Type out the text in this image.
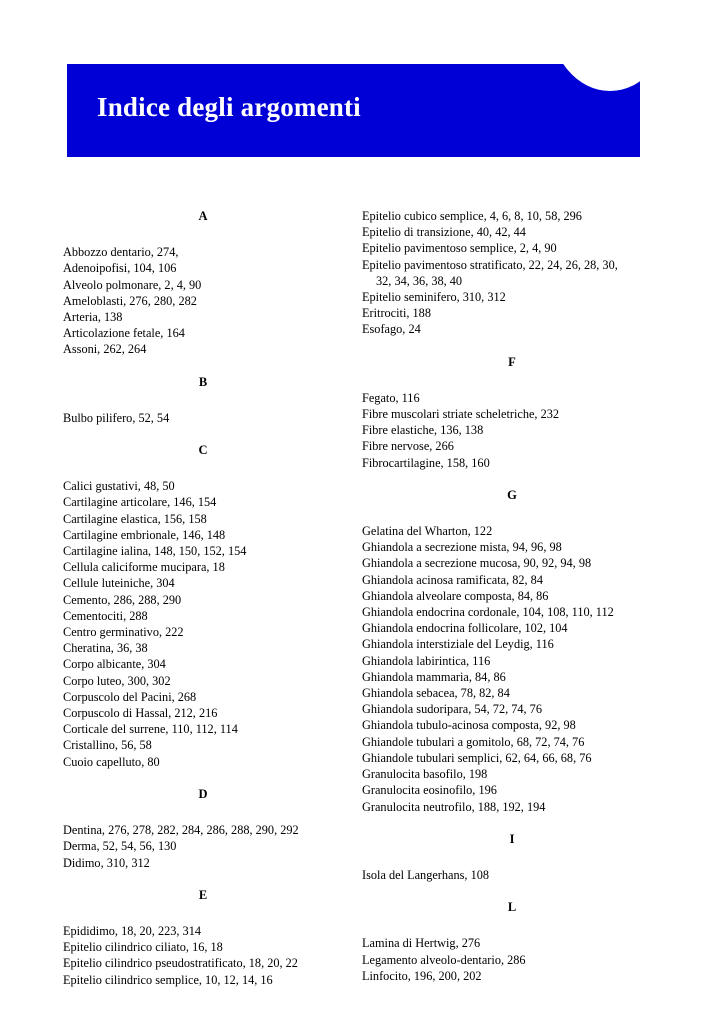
Indice degli argomenti
A
Abbozzo dentario, 274,
Adenoipofisi, 104, 106
Alveolo polmonare, 2, 4, 90
Ameloblasti, 276, 280, 282
Arteria, 138
Articolazione fetale, 164
Assoni, 262, 264
B
Bulbo pilifero, 52, 54
C
Calici gustativi, 48, 50
Cartilagine articolare, 146, 154
Cartilagine elastica, 156, 158
Cartilagine embrionale, 146, 148
Cartilagine ialina, 148, 150, 152, 154
Cellula caliciforme mucipara, 18
Cellule luteiniche, 304
Cemento, 286, 288, 290
Cementociti, 288
Centro germinativo, 222
Cheratina, 36, 38
Corpo albicante, 304
Corpo luteo, 300, 302
Corpuscolo del Pacini, 268
Corpuscolo di Hassal, 212, 216
Corticale del surrene, 110, 112, 114
Cristallino, 56, 58
Cuoio capelluto, 80
D
Dentina, 276, 278, 282, 284, 286, 288, 290, 292
Derma, 52, 54, 56, 130
Didimo, 310, 312
E
Epididimo, 18, 20, 223, 314
Epitelio cilindrico ciliato, 16, 18
Epitelio cilindrico pseudostratificato, 18, 20, 22
Epitelio cilindrico semplice, 10, 12, 14, 16
Epitelio cubico semplice, 4, 6, 8, 10, 58, 296
Epitelio di transizione, 40, 42, 44
Epitelio pavimentoso semplice, 2, 4, 90
Epitelio pavimentoso stratificato, 22, 24, 26, 28, 30,
32, 34, 36, 38, 40
Epitelio seminifero, 310, 312
Eritrociti, 188
Esofago, 24
F
Fegato, 116
Fibre muscolari striate scheletriche, 232
Fibre elastiche, 136, 138
Fibre nervose, 266
Fibrocartilagine, 158, 160
G
Gelatina del Wharton, 122
Ghiandola a secrezione mista, 94, 96, 98
Ghiandola a secrezione mucosa, 90, 92, 94, 98
Ghiandola acinosa ramificata, 82, 84
Ghiandola alveolare composta, 84, 86
Ghiandola endocrina cordonale, 104, 108, 110, 112
Ghiandola endocrina follicolare, 102, 104
Ghiandola interstiziale del Leydig, 116
Ghiandola labirintica, 116
Ghiandola mammaria, 84, 86
Ghiandola sebacea, 78, 82, 84
Ghiandola sudoripara, 54, 72, 74, 76
Ghiandola tubulo-acinosa composta, 92, 98
Ghiandole tubulari a gomitolo, 68, 72, 74, 76
Ghiandole tubulari semplici, 62, 64, 66, 68, 76
Granulocita basofilo, 198
Granulocita eosinofilo, 196
Granulocita neutrofilo, 188, 192, 194
I
Isola del Langerhans, 108
L
Lamina di Hertwig, 276
Legamento alveolo-dentario, 286
Linfocito, 196, 200, 202
